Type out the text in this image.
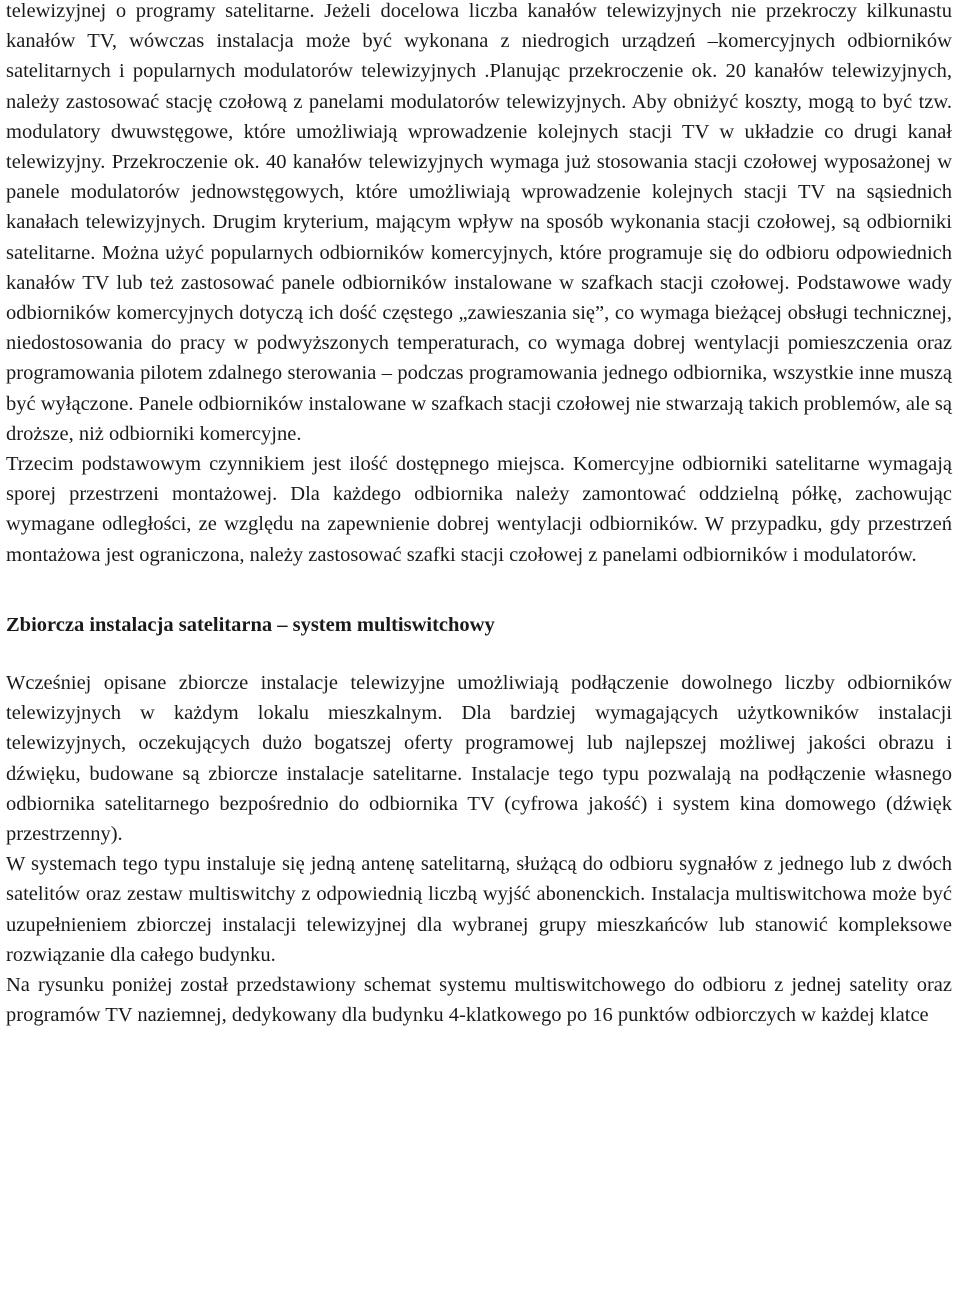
telewizyjnej o programy satelitarne. Jeżeli docelowa liczba kanałów telewizyjnych nie przekroczy kilkunastu kanałów TV, wówczas instalacja może być wykonana z niedrogich urządzeń –komercyjnych odbiorników satelitarnych i popularnych modulatorów telewizyjnych .Planując przekroczenie ok. 20 kanałów telewizyjnych, należy zastosować stację czołową z panelami modulatorów telewizyjnych. Aby obniżyć koszty, mogą to być tzw. modulatory dwuwstęgowe, które umożliwiają wprowadzenie kolejnych stacji TV w układzie co drugi kanał telewizyjny. Przekroczenie ok. 40 kanałów telewizyjnych wymaga już stosowania stacji czołowej wyposażonej w panele modulatorów jednowstęgowych, które umożliwiają wprowadzenie kolejnych stacji TV na sąsiednich kanałach telewizyjnych. Drugim kryterium, mającym wpływ na sposób wykonania stacji czołowej, są odbiorniki satelitarne. Można użyć popularnych odbiorników komercyjnych, które programuje się do odbioru odpowiednich kanałów TV lub też zastosować panele odbiorników instalowane w szafkach stacji czołowej. Podstawowe wady odbiorników komercyjnych dotyczą ich dość częstego „zawieszania się”, co wymaga bieżącej obsługi technicznej, niedostosowania do pracy w podwyższonych temperaturach, co wymaga dobrej wentylacji pomieszczenia oraz programowania pilotem zdalnego sterowania – podczas programowania jednego odbiornika, wszystkie inne muszą być wyłączone. Panele odbiorników instalowane w szafkach stacji czołowej nie stwarzają takich problemów, ale są droższe, niż odbiorniki komercyjne.

Trzecim podstawowym czynnikiem jest ilość dostępnego miejsca. Komercyjne odbiorniki satelitarne wymagają sporej przestrzeni montażowej. Dla każdego odbiornika należy zamontować oddzielną półkę, zachowując wymagane odległości, ze względu na zapewnienie dobrej wentylacji odbiorników. W przypadku, gdy przestrzeń montażowa jest ograniczona, należy zastosować szafki stacji czołowej z panelami odbiorników i modulatorów.

Zbiorcza instalacja satelitarna – system multiswitchowy

Wcześniej opisane zbiorcze instalacje telewizyjne umożliwiają podłączenie dowolnego liczby odbiorników telewizyjnych w każdym lokalu mieszkalnym. Dla bardziej wymagających użytkowników instalacji telewizyjnych, oczekujących dużo bogatszej oferty programowej lub najlepszej możliwej jakości obrazu i dźwięku, budowane są zbiorcze instalacje satelitarne. Instalacje tego typu pozwalają na podłączenie własnego odbiornika satelitarnego bezpośrednio do odbiornika TV (cyfrowa jakość) i system kina domowego (dźwięk przestrzenny).

W systemach tego typu instaluje się jedną antenę satelitarną, służącą do odbioru sygnałów z jednego lub z dwóch satelitów oraz zestaw multiswitchy z odpowiednią liczbą wyjść abonenckich. Instalacja multiswitchowa może być uzupełnieniem zbiorczej instalacji telewizyjnej dla wybranej grupy mieszkańców lub stanowić kompleksowe rozwiązanie dla całego budynku.

Na rysunku poniżej został przedstawiony schemat systemu multiswitchowego do odbioru z jednej satelity oraz programów TV naziemnej, dedykowany dla budynku 4-klatkowego po 16 punktów odbiorczych w każdej klatce
